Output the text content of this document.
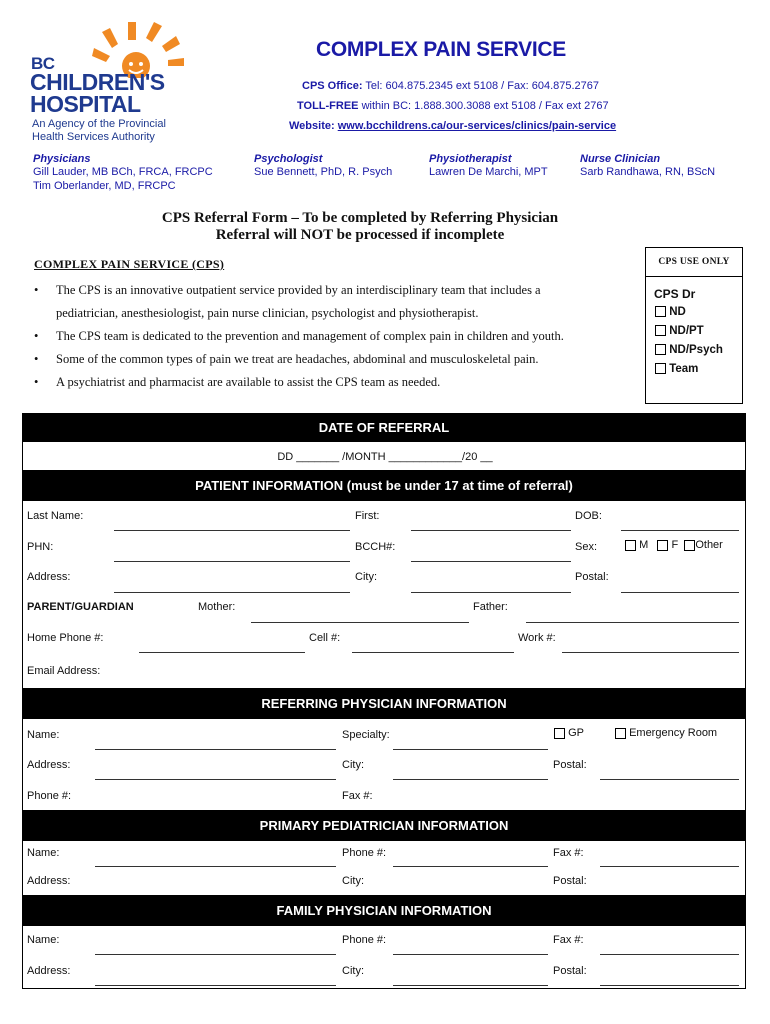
BC
CHILDREN'S
HOSPITAL
An Agency of the Provincial
Health Services Authority
COMPLEX PAIN SERVICE
CPS Office: Tel: 604.875.2345 ext 5108 / Fax: 604.875.2767
TOLL-FREE within BC: 1.888.300.3088 ext 5108 / Fax ext 2767
Website: www.bcchildrens.ca/our-services/clinics/pain-service
Physicians
Gill Lauder, MB BCh, FRCA, FRCPC
Tim Oberlander, MD, FRCPC
Psychologist
Sue Bennett, PhD, R. Psych
Physiotherapist
Lawren De Marchi, MPT
Nurse Clinician
Sarb Randhawa, RN, BScN
CPS Referral Form – To be completed by Referring Physician
Referral will NOT be processed if incomplete
COMPLEX PAIN SERVICE (CPS)
• The CPS is an innovative outpatient service provided by an interdisciplinary team that includes a
pediatrician, anesthesiologist, pain nurse clinician, psychologist and physiotherapist.
• The CPS team is dedicated to the prevention and management of complex pain in children and youth.
• Some of the common types of pain we treat are headaches, abdominal and musculoskeletal pain.
• A psychiatrist and pharmacist are available to assist the CPS team as needed.
CPS USE ONLY
CPS Dr
ND
ND/PT
ND/Psych
Team
DATE OF REFERRAL
DD _______ /MONTH ____________/20 __
PATIENT INFORMATION (must be under 17 at time of referral)
Last Name:	First:	DOB:
PHN:	BCCH#:	Sex:	M F Other
Address:	City:	Postal:
PARENT/GUARDIAN	Mother:	Father:
Home Phone #:	Cell #:	Work #:
Email Address:
REFERRING PHYSICIAN INFORMATION
Name:	Specialty:	GP	Emergency Room
Address:	City:	Postal:
Phone #:	Fax #:
PRIMARY PEDIATRICIAN INFORMATION
Name:	Phone #:	Fax #:
Address:	City:	Postal:
FAMILY PHYSICIAN INFORMATION
Name:	Phone #:	Fax #:
Address:	City:	Postal:
